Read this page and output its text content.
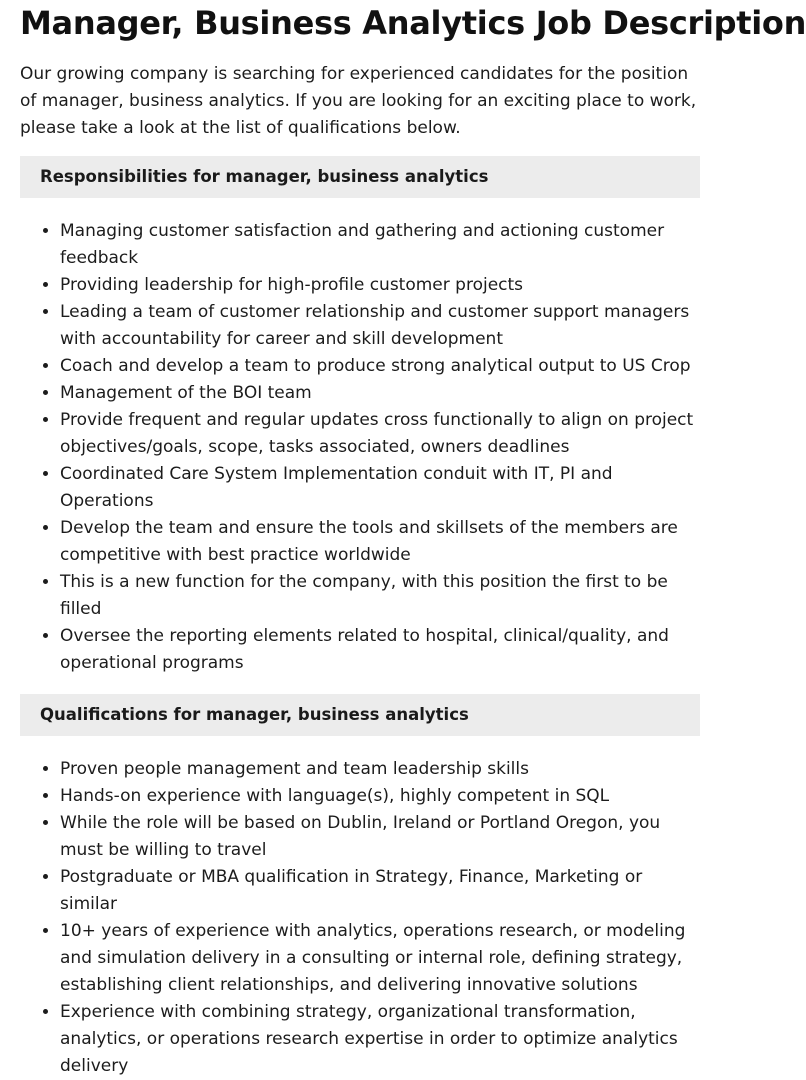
Manager, Business Analytics Job Description

Our growing company is searching for experienced candidates for the position of manager, business analytics. If you are looking for an exciting place to work, please take a look at the list of qualifications below.

Responsibilities for manager, business analytics
• Managing customer satisfaction and gathering and actioning customer feedback
• Providing leadership for high-profile customer projects
• Leading a team of customer relationship and customer support managers with accountability for career and skill development
• Coach and develop a team to produce strong analytical output to US Crop
• Management of the BOI team
• Provide frequent and regular updates cross functionally to align on project objectives/goals, scope, tasks associated, owners deadlines
• Coordinated Care System Implementation conduit with IT, PI and Operations
• Develop the team and ensure the tools and skillsets of the members are competitive with best practice worldwide
• This is a new function for the company, with this position the first to be filled
• Oversee the reporting elements related to hospital, clinical/quality, and operational programs
Qualifications for manager, business analytics
• Proven people management and team leadership skills
• Hands-on experience with language(s), highly competent in SQL
• While the role will be based on Dublin, Ireland or Portland Oregon, you must be willing to travel
• Postgraduate or MBA qualification in Strategy, Finance, Marketing or similar
• 10+ years of experience with analytics, operations research, or modeling and simulation delivery in a consulting or internal role, defining strategy, establishing client relationships, and delivering innovative solutions
• Experience with combining strategy, organizational transformation, analytics, or operations research expertise in order to optimize analytics delivery
